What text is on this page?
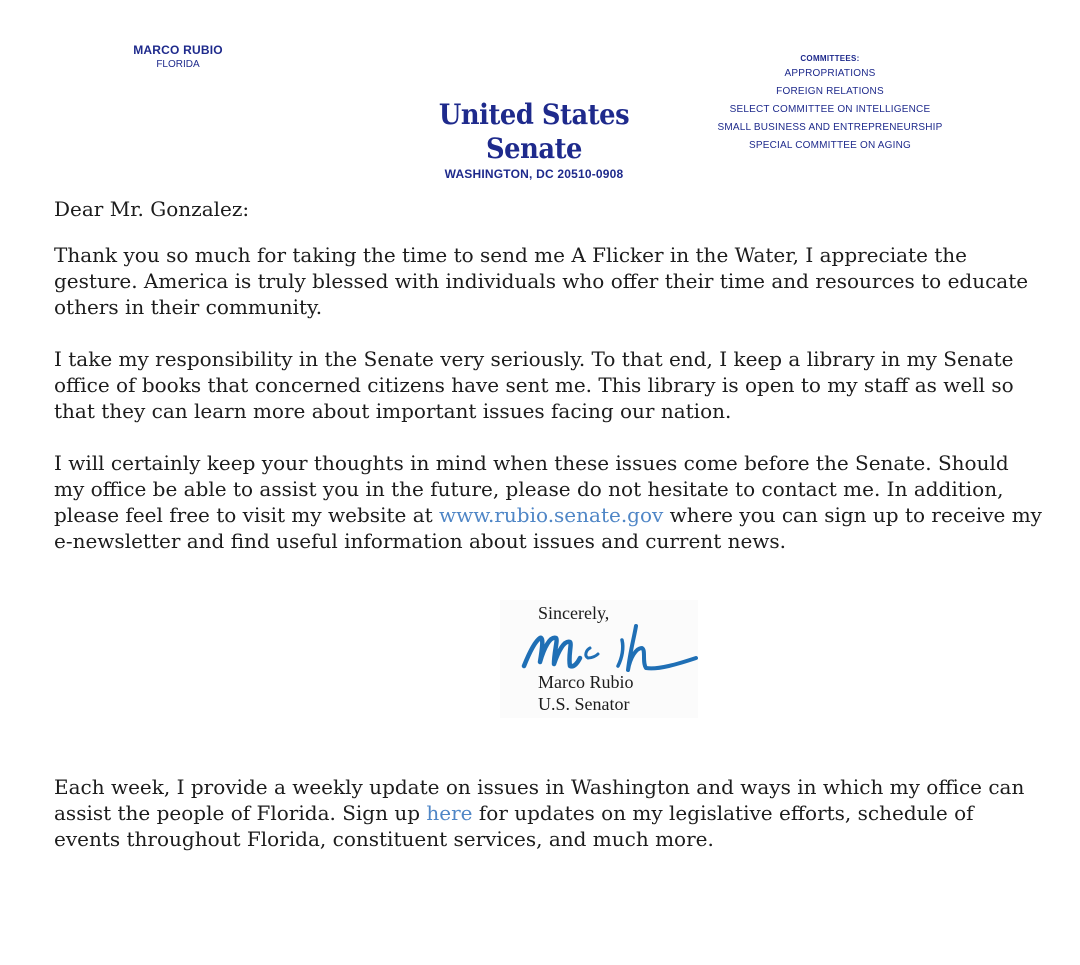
MARCO RUBIO
FLORIDA
United States Senate
WASHINGTON, DC 20510-0908
COMMITTEES:
APPROPRIATIONS
FOREIGN RELATIONS
SELECT COMMITTEE ON INTELLIGENCE
SMALL BUSINESS AND ENTREPRENEURSHIP
SPECIAL COMMITTEE ON AGING

Dear Mr. Gonzalez:

Thank you so much for taking the time to send me A Flicker in the Water, I appreciate the gesture. America is truly blessed with individuals who offer their time and resources to educate others in their community.

I take my responsibility in the Senate very seriously. To that end, I keep a library in my Senate office of books that concerned citizens have sent me. This library is open to my staff as well so that they can learn more about important issues facing our nation.

I will certainly keep your thoughts in mind when these issues come before the Senate. Should my office be able to assist you in the future, please do not hesitate to contact me. In addition, please feel free to visit my website at www.rubio.senate.gov where you can sign up to receive my e-newsletter and find useful information about issues and current news.

Sincerely,
Marco Rubio
U.S. Senator

Each week, I provide a weekly update on issues in Washington and ways in which my office can assist the people of Florida. Sign up here for updates on my legislative efforts, schedule of events throughout Florida, constituent services, and much more.
